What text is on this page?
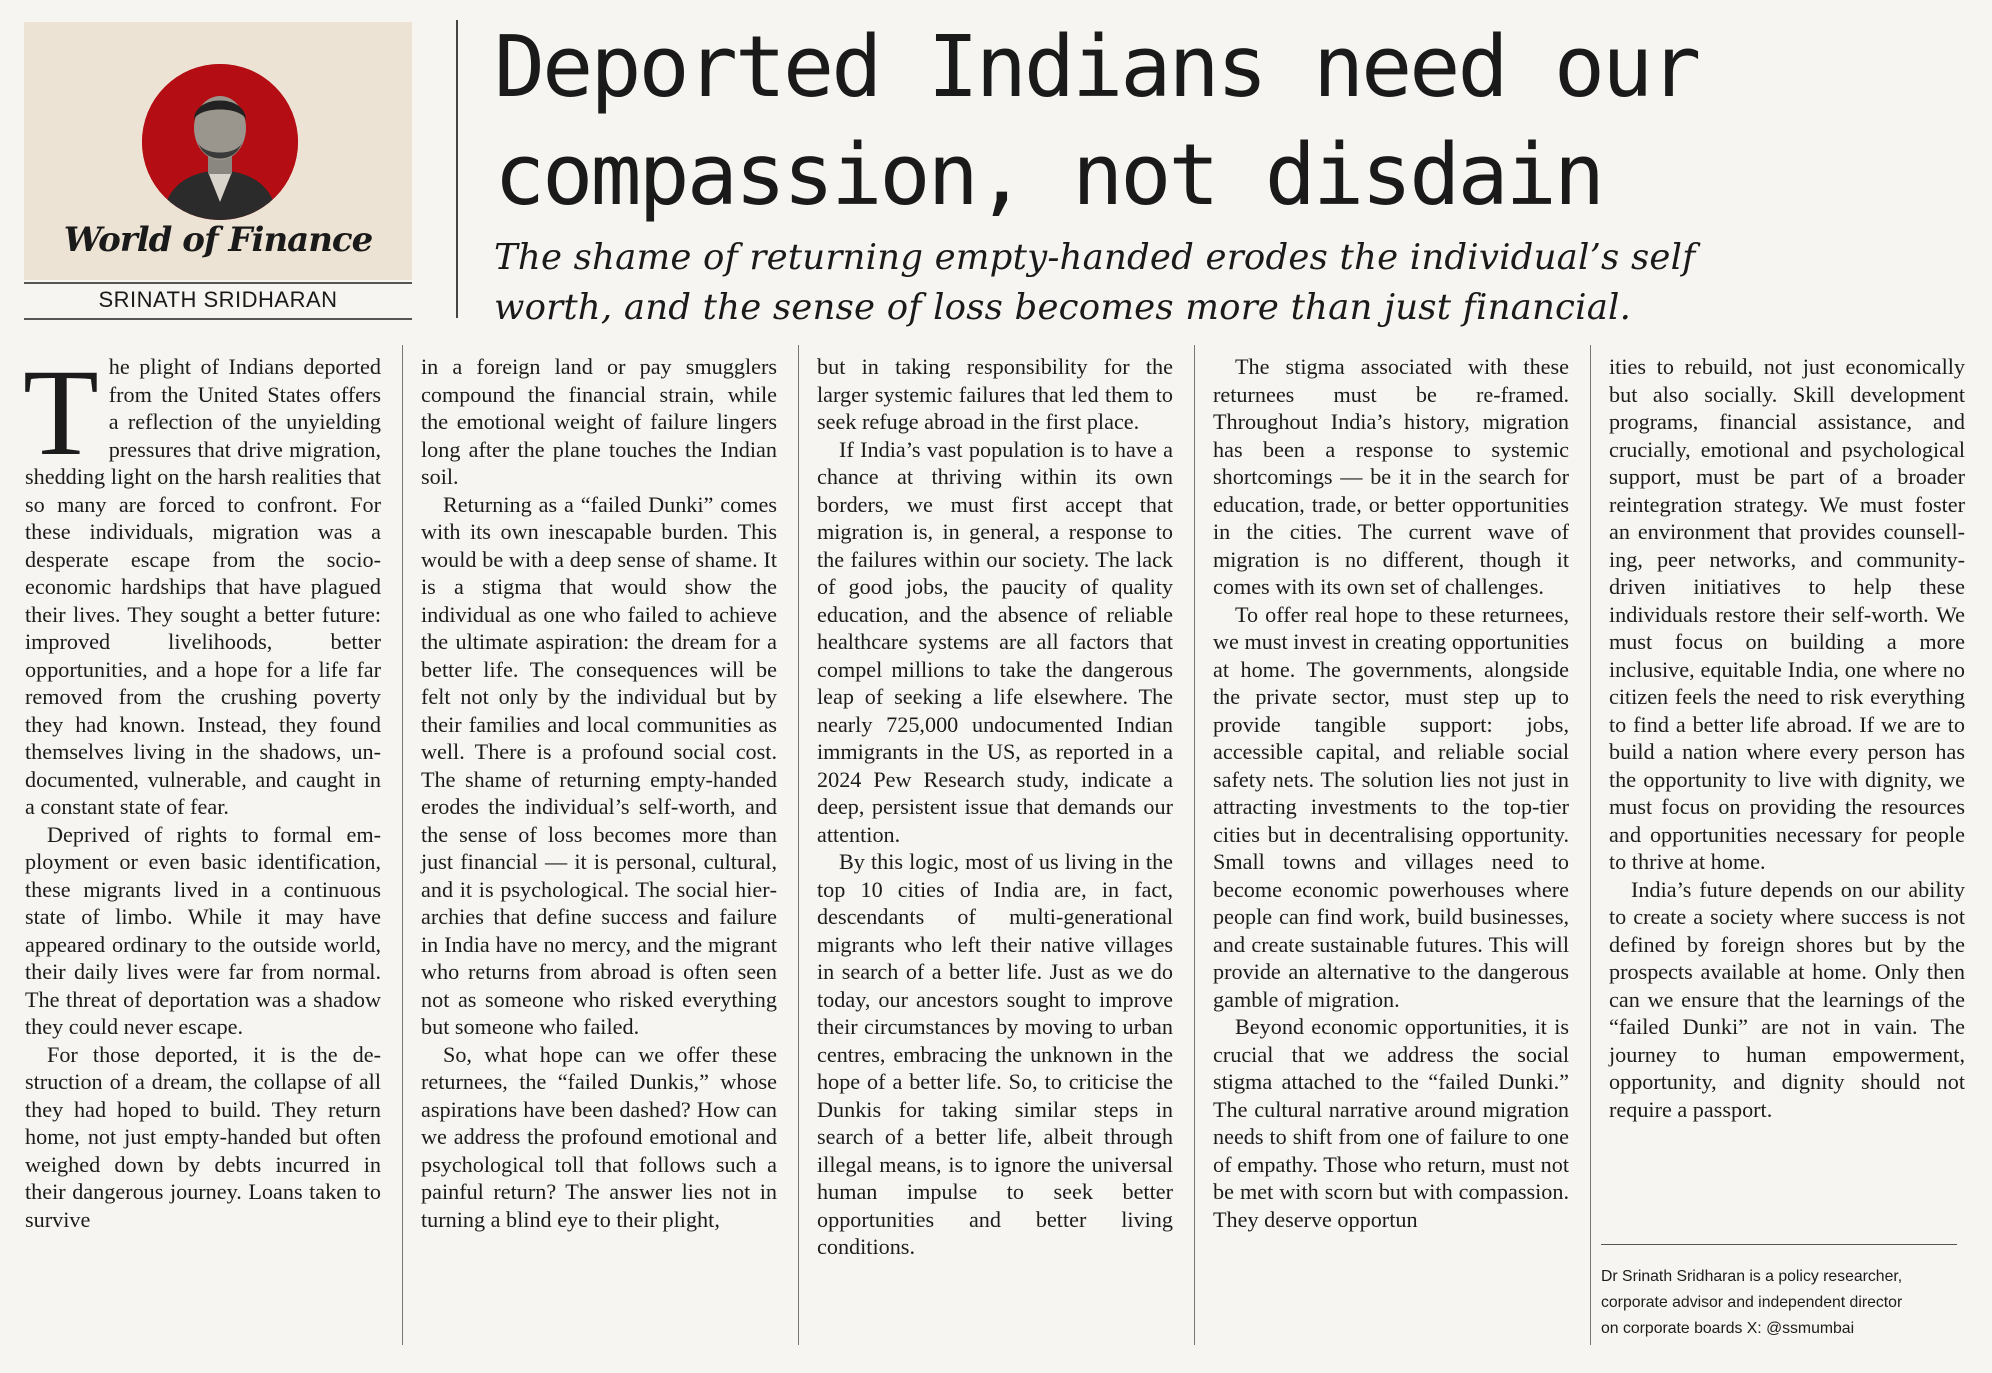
World of Finance
SRINATH SRIDHARAN
Deported Indians need our
compassion, not disdain
The shame of returning empty-handed erodes the individual’s self
worth, and the sense of loss becomes more than just financial.

The plight of Indians deported from the United States offers a reflection of the unyielding pressures that drive migration, shedding light on the harsh realities that so many are forced to confront. For these individuals, migration was a desperate escape from the socio-economic hardships that have plagued their lives. They sought a better future: improved livelihoods, better opportunities, and a hope for a life far removed from the crushing poverty they had known. Instead, they found themselves living in the shadows, undocumented, vulnerable, and caught in a constant state of fear.

Deprived of rights to formal employment or even basic identification, these migrants lived in a continuous state of limbo. While it may have appeared ordinary to the outside world, their daily lives were far from normal. The threat of deportation was a shadow they could never escape.

For those deported, it is the destruction of a dream, the collapse of all they had hoped to build. They return home, not just empty-handed but often weighed down by debts incurred in their dangerous journey. Loans taken to survive

in a foreign land or pay smugglers compound the financial strain, while the emotional weight of failure lingers long after the plane touches the Indian soil.

Returning as a “failed Dunki” comes with its own inescapable burden. This would be with a deep sense of shame. It is a stigma that would show the individual as one who failed to achieve the ultimate aspiration: the dream for a better life. The consequences will be felt not only by the individual but by their families and local communities as well. There is a profound social cost. The shame of returning empty-handed erodes the individual’s self-worth, and the sense of loss becomes more than just financial — it is personal, cultural, and it is psychological. The social hierarchies that define success and failure in India have no mercy, and the migrant who returns from abroad is often seen not as someone who risked everything but someone who failed.

So, what hope can we offer these returnees, the “failed Dunkis,” whose aspirations have been dashed? How can we address the profound emotional and psychological toll that follows such a painful return? The answer lies not in turning a blind eye to their plight,

but in taking responsibility for the larger systemic failures that led them to seek refuge abroad in the first place.

If India’s vast population is to have a chance at thriving within its own borders, we must first accept that migration is, in general, a response to the failures within our society. The lack of good jobs, the paucity of quality education, and the absence of reliable healthcare systems are all factors that compel millions to take the dangerous leap of seeking a life elsewhere. The nearly 725,000 undocumented Indian immigrants in the US, as reported in a 2024 Pew Research study, indicate a deep, persistent issue that demands our attention.

By this logic, most of us living in the top 10 cities of India are, in fact, descendants of multi-generational migrants who left their native villages in search of a better life. Just as we do today, our ancestors sought to improve their circumstances by moving to urban centres, embracing the unknown in the hope of a better life. So, to criticise the Dunkis for taking similar steps in search of a better life, albeit through illegal means, is to ignore the universal human impulse to seek better opportunities and better living conditions.

The stigma associated with these returnees must be re-framed. Throughout India’s history, migration has been a response to systemic shortcomings — be it in the search for education, trade, or better opportunities in the cities. The current wave of migration is no different, though it comes with its own set of challenges.

To offer real hope to these returnees, we must invest in creating opportunities at home. The governments, alongside the private sector, must step up to provide tangible support: jobs, accessible capital, and reliable social safety nets. The solution lies not just in attracting investments to the top-tier cities but in decentralising opportunity. Small towns and villages need to become economic powerhouses where people can find work, build businesses, and create sustainable futures. This will provide an alternative to the dangerous gamble of migration.

Beyond economic opportunities, it is crucial that we address the social stigma attached to the “failed Dunki.” The cultural narrative around migration needs to shift from one of failure to one of empathy. Those who return, must not be met with scorn but with compassion. They deserve opportun

ities to rebuild, not just economically but also socially. Skill development programs, financial assistance, and crucially, emotional and psychological support, must be part of a broader reintegration strategy. We must foster an environment that provides counselling, peer networks, and community-driven initiatives to help these individuals restore their self-worth. We must focus on building a more inclusive, equitable India, one where no citizen feels the need to risk everything to find a better life abroad. If we are to build a nation where every person has the opportunity to live with dignity, we must focus on providing the resources and opportunities necessary for people to thrive at home.

India’s future depends on our ability to create a society where success is not defined by foreign shores but by the prospects available at home. Only then can we ensure that the learnings of the “failed Dunki” are not in vain. The journey to human empowerment, opportunity, and dignity should not require a passport.

Dr Srinath Sridharan is a policy researcher,
corporate advisor and independent director
on corporate boards X: @ssmumbai
